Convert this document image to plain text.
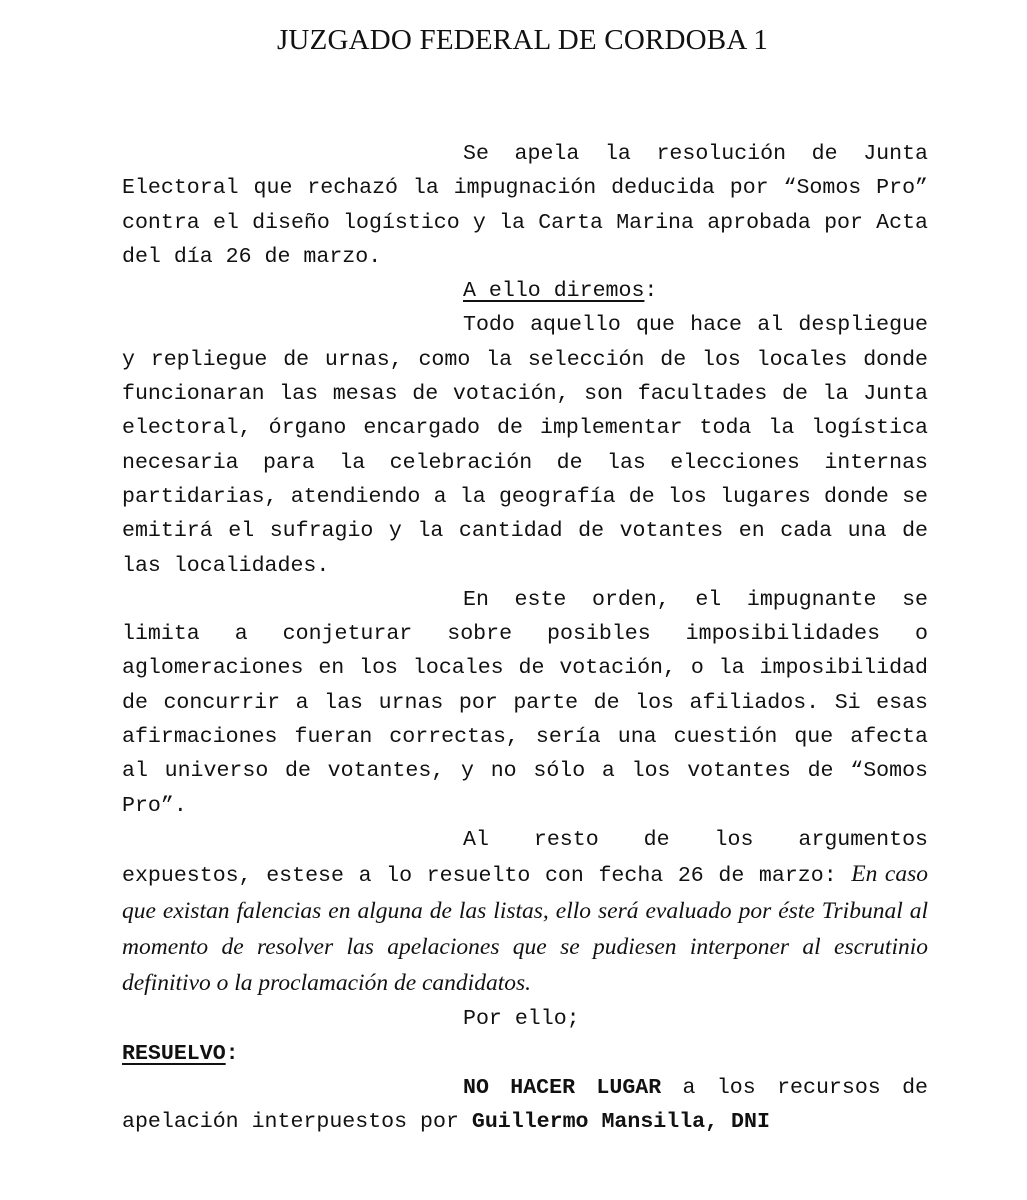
JUZGADO FEDERAL DE CORDOBA 1

Se apela la resolución de Junta Electoral que rechazó la impugnación deducida por “Somos Pro” contra el diseño logístico y la Carta Marina aprobada por Acta del día 26 de marzo.

A ello diremos:

Todo aquello que hace al despliegue y repliegue de urnas, como la selección de los locales donde funcionaran las mesas de votación, son facultades de la Junta electoral, órgano encargado de implementar toda la logística necesaria para la celebración de las elecciones internas partidarias, atendiendo a la geografía de los lugares donde se emitirá el sufragio y la cantidad de votantes en cada una de las localidades.

En este orden, el impugnante se limita a conjeturar sobre posibles imposibilidades o aglomeraciones en los locales de votación, o la imposibilidad de concurrir a las urnas por parte de los afiliados. Si esas afirmaciones fueran correctas, sería una cuestión que afecta al universo de votantes, y no sólo a los votantes de “Somos Pro”.

Al resto de los argumentos expuestos, estese a lo resuelto con fecha 26 de marzo: En caso que existan falencias en alguna de las listas, ello será evaluado por éste Tribunal al momento de resolver las apelaciones que se pudiesen interponer al escrutinio definitivo o la proclamación de candidatos.

Por ello;

RESUELVO:

NO HACER LUGAR a los recursos de apelación interpuestos por Guillermo Mansilla, DNI
